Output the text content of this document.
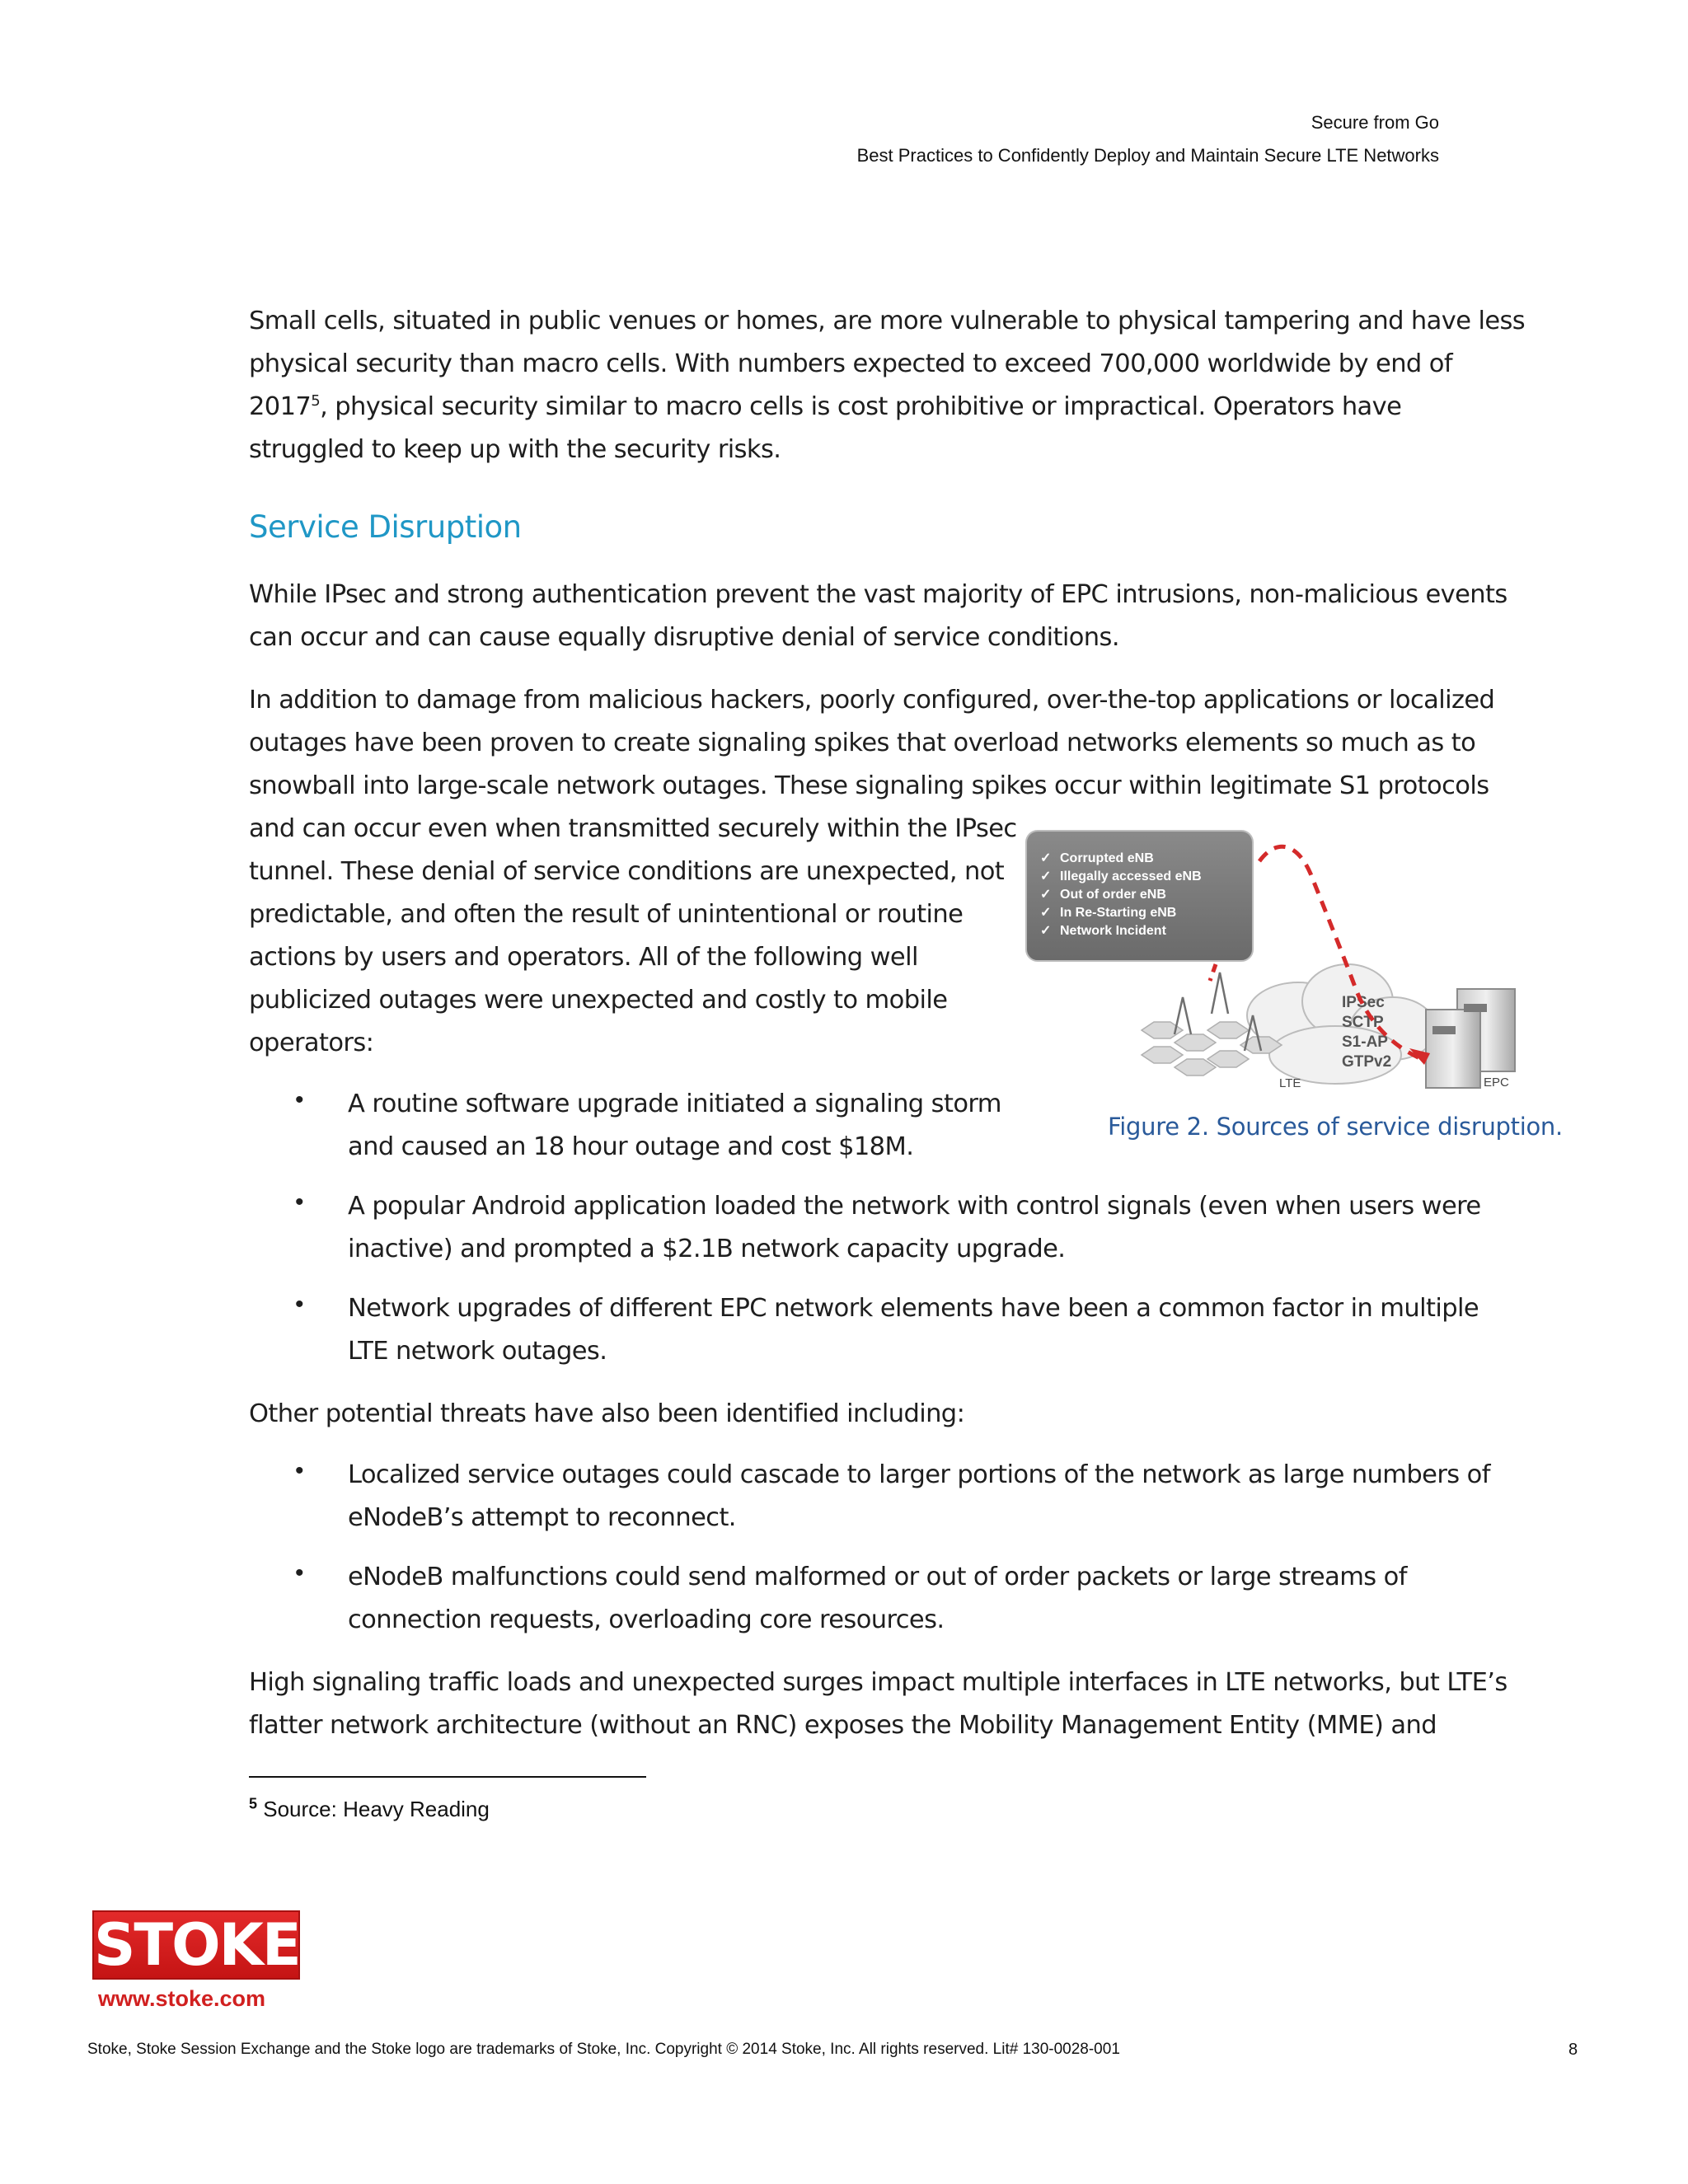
Secure from Go
Best Practices to Confidently Deploy and Maintain Secure LTE Networks

Small cells, situated in public venues or homes, are more vulnerable to physical tampering and have less

physical security than macro cells. With numbers expected to exceed 700,000 worldwide by end of

2017$^5$, physical security similar to macro cells is cost prohibitive or impractical. Operators have

struggled to keep up with the security risks.

Service Disruption

While IPsec and strong authentication prevent the vast majority of EPC intrusions, non-malicious events

can occur and can cause equally disruptive denial of service conditions.

In addition to damage from malicious hackers, poorly configured, over-the-top applications or localized

outages have been proven to create signaling spikes that overload networks elements so much as to

snowball into large-scale network outages. These signaling spikes occur within legitimate S1 protocols

and can occur even when transmitted securely within the IPsec

tunnel. These denial of service conditions are unexpected, not

predictable, and often the result of unintentional or routine

actions by users and operators. All of the following well

publicized outages were unexpected and costly to mobile

operators:

• A routine software upgrade initiated a signaling storm

and caused an 18 hour outage and cost $18M.

• A popular Android application loaded the network with control signals (even when users were

inactive) and prompted a $2.1B network capacity upgrade.

• Network upgrades of different EPC network elements have been a common factor in multiple

LTE network outages.

Other potential threats have also been identified including:

• Localized service outages could cascade to larger portions of the network as large numbers of

eNodeB’s attempt to reconnect.

• eNodeB malfunctions could send malformed or out of order packets or large streams of

connection requests, overloading core resources.

High signaling traffic loads and unexpected surges impact multiple interfaces in LTE networks, but LTE’s

flatter network architecture (without an RNC) exposes the Mobility Management Entity (MME) and

✓ Corrupted eNB
✓ Illegally accessed eNB
✓ Out of order eNB
✓ In Re-Starting eNB
✓ Network Incident
IPSec
SCTP
S1-AP
GTPv2
LTE	EPC
Figure 2. Sources of service disruption.
$^5$ Source: Heavy Reading
STOKE
www.stoke.com
Stoke, Stoke Session Exchange and the Stoke logo are trademarks of Stoke, Inc. Copyright © 2014 Stoke, Inc. All rights reserved. Lit# 130-0028-001	8
